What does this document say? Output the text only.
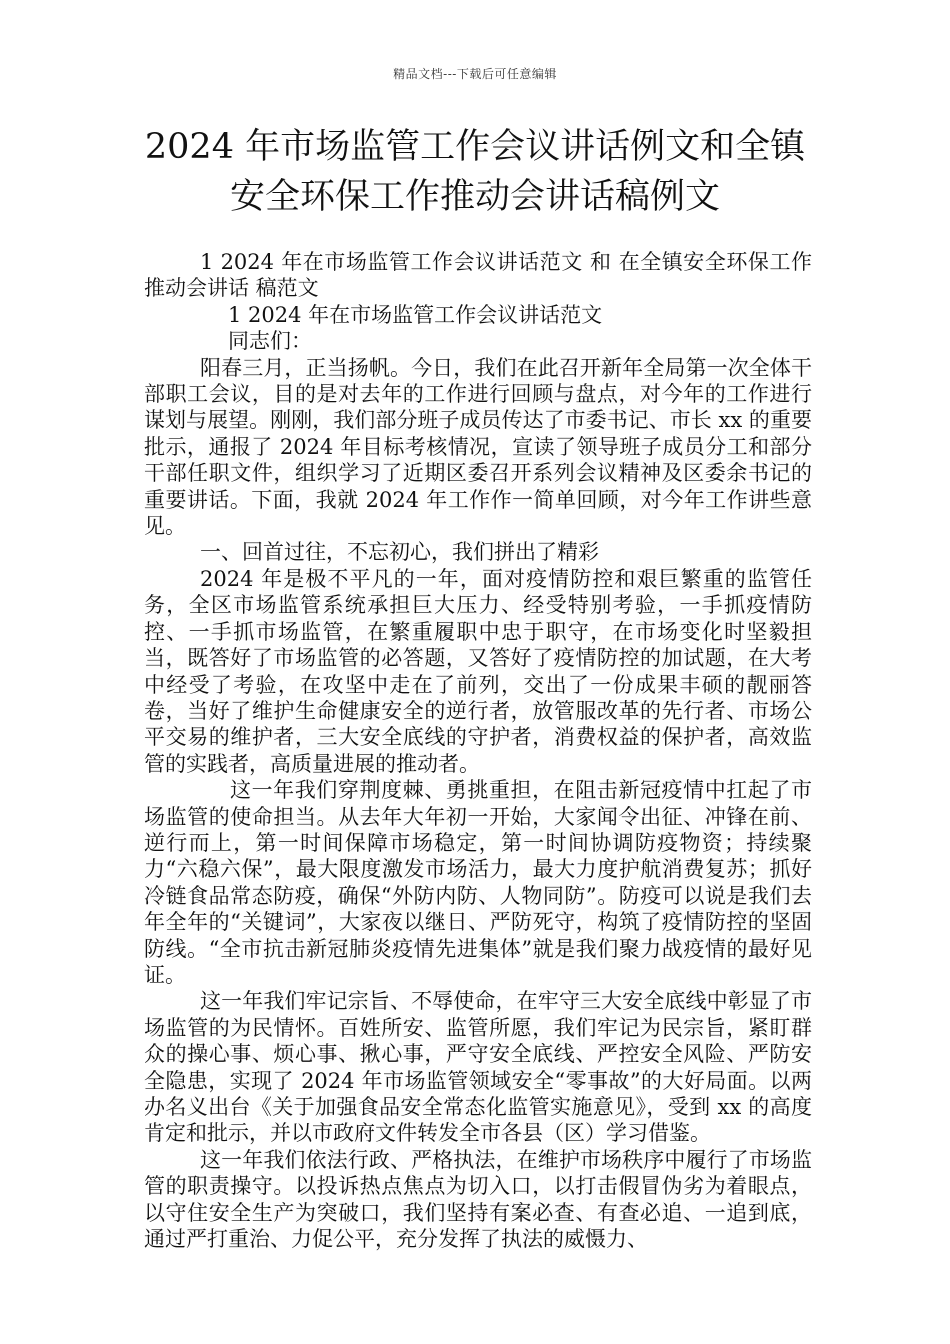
精品文档---下载后可任意编辑
2024 年市场监管工作会议讲话例文和全镇
安全环保工作推动会讲话稿例文

1 2024 年在市场监管工作会议讲话范文 和 在全镇安全环保工作推动会讲话 稿范文

1 2024 年在市场监管工作会议讲话范文

同志们：

阳春三月，正当扬帆。今日，我们在此召开新年全局第一次全体干部职工会议，目的是对去年的工作进行回顾与盘点，对今年的工作进行谋划与展望。刚刚，我们部分班子成员传达了市委书记、市长 xx 的重要批示，通报了 2024 年目标考核情况，宣读了领导班子成员分工和部分干部任职文件，组织学习了近期区委召开系列会议精神及区委余书记的重要讲话。下面，我就 2024 年工作作一简单回顾，对今年工作讲些意见。

一、回首过往，不忘初心，我们拼出了精彩

2024 年是极不平凡的一年，面对疫情防控和艰巨繁重的监管任务，全区市场监管系统承担巨大压力、经受特别考验，一手抓疫情防控、一手抓市场监管，在繁重履职中忠于职守，在市场变化时坚毅担当，既答好了市场监管的必答题，又答好了疫情防控的加试题，在大考中经受了考验，在攻坚中走在了前列，交出了一份成果丰硕的靓丽答卷，当好了维护生命健康安全的逆行者，放管服改革的先行者、市场公平交易的维护者，三大安全底线的守护者，消费权益的保护者，高效监管的实践者，高质量进展的推动者。

这一年我们穿荆度棘、勇挑重担，在阻击新冠疫情中扛起了市场监管的使命担当。从去年大年初一开始，大家闻令出征、冲锋在前、逆行而上，第一时间保障市场稳定，第一时间协调防疫物资；持续聚力“六稳六保”，最大限度激发市场活力，最大力度护航消费复苏；抓好冷链食品常态防疫，确保“外防内防、人物同防”。防疫可以说是我们去年全年的“关键词”，大家夜以继日、严防死守，构筑了疫情防控的坚固防线。“全市抗击新冠肺炎疫情先进集体”就是我们聚力战疫情的最好见证。

这一年我们牢记宗旨、不辱使命，在牢守三大安全底线中彰显了市场监管的为民情怀。百姓所安、监管所愿，我们牢记为民宗旨，紧盯群众的操心事、烦心事、揪心事，严守安全底线、严控安全风险、严防安全隐患，实现了 2024 年市场监管领域安全“零事故”的大好局面。以两办名义出台《关于加强食品安全常态化监管实施意见》，受到 xx 的高度肯定和批示，并以市政府文件转发全市各县（区）学习借鉴。

这一年我们依法行政、严格执法，在维护市场秩序中履行了市场监管的职责操守。以投诉热点焦点为切入口，以打击假冒伪劣为着眼点，以守住安全生产为突破口，我们坚持有案必查、有查必追、一追到底，通过严打重治、力促公平，充分发挥了执法的威慑力、
